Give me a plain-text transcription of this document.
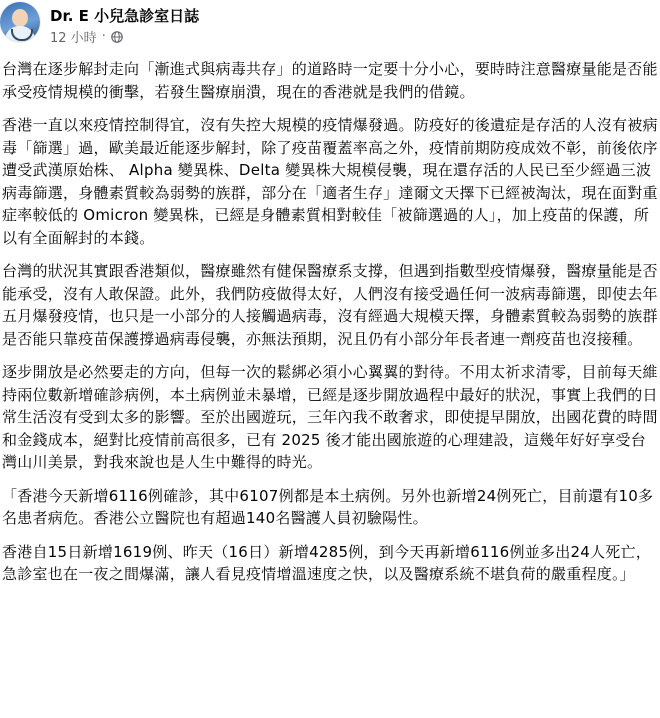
Dr. E 小兒急診室日誌
12 小時 ·

台灣在逐步解封走向「漸進式與病毒共存」的道路時一定要十分小心，要時時注意醫療量能是否能承受疫情規模的衝擊，若發生醫療崩潰，現在的香港就是我們的借鏡。

香港一直以來疫情控制得宜，沒有失控大規模的疫情爆發過。防疫好的後遺症是存活的人沒有被病毒「篩選」過，歐美最近能逐步解封，除了疫苗覆蓋率高之外，疫情前期防疫成效不彰，前後依序遭受武漢原始株、 Alpha 變異株、Delta 變異株大規模侵襲，現在還存活的人民已至少經過三波病毒篩選，身體素質較為弱勢的族群，部分在「適者生存」達爾文天擇下已經被淘汰，現在面對重症率較低的 Omicron 變異株，已經是身體素質相對較佳「被篩選過的人」，加上疫苗的保護，所以有全面解封的本錢。

台灣的狀況其實跟香港類似，醫療雖然有健保醫療系支撐，但遇到指數型疫情爆發，醫療量能是否能承受，沒有人敢保證。此外，我們防疫做得太好，人們沒有接受過任何一波病毒篩選，即使去年五月爆發疫情，也只是一小部分的人接觸過病毒，沒有經過大規模天擇，身體素質較為弱勢的族群是否能只靠疫苗保護撐過病毒侵襲，亦無法預期，況且仍有小部分年長者連一劑疫苗也沒接種。

逐步開放是必然要走的方向，但每一次的鬆綁必須小心翼翼的對待。不用太祈求清零，目前每天維持兩位數新增確診病例，本土病例並未暴增，已經是逐步開放過程中最好的狀況，事實上我們的日常生活沒有受到太多的影響。至於出國遊玩，三年內我不敢奢求，即使提早開放，出國花費的時間和金錢成本，絕對比疫情前高很多，已有 2025 後才能出國旅遊的心理建設，這幾年好好享受台灣山川美景，對我來說也是人生中難得的時光。

「香港今天新增6116例確診，其中6107例都是本土病例。另外也新增24例死亡，目前還有10多名患者病危。香港公立醫院也有超過140名醫護人員初驗陽性。

香港自15日新增1619例、昨天（16日）新增4285例，到今天再新增6116例並多出24人死亡，急診室也在一夜之間爆滿，讓人看見疫情增溫速度之快，以及醫療系統不堪負荷的嚴重程度。」
